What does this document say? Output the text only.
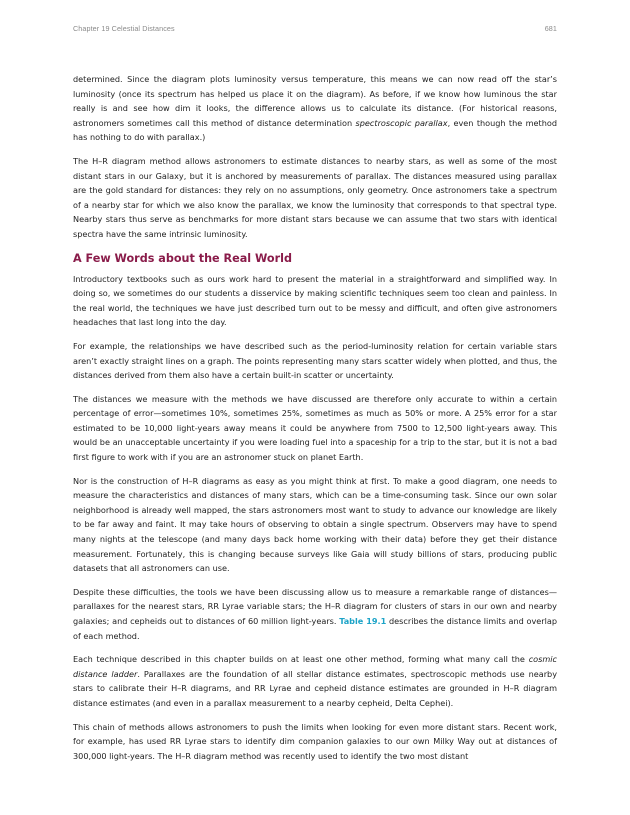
Chapter 19 Celestial Distances	681

determined. Since the diagram plots luminosity versus temperature, this means we can now read off the star’s luminosity (once its spectrum has helped us place it on the diagram). As before, if we know how luminous the star really is and see how dim it looks, the difference allows us to calculate its distance. (For historical reasons, astronomers sometimes call this method of distance determination spectroscopic parallax, even though the method has nothing to do with parallax.)

The H–R diagram method allows astronomers to estimate distances to nearby stars, as well as some of the most distant stars in our Galaxy, but it is anchored by measurements of parallax. The distances measured using parallax are the gold standard for distances: they rely on no assumptions, only geometry. Once astronomers take a spectrum of a nearby star for which we also know the parallax, we know the luminosity that corresponds to that spectral type. Nearby stars thus serve as benchmarks for more distant stars because we can assume that two stars with identical spectra have the same intrinsic luminosity.

A Few Words about the Real World

Introductory textbooks such as ours work hard to present the material in a straightforward and simplified way. In doing so, we sometimes do our students a disservice by making scientific techniques seem too clean and painless. In the real world, the techniques we have just described turn out to be messy and difficult, and often give astronomers headaches that last long into the day.

For example, the relationships we have described such as the period-luminosity relation for certain variable stars aren’t exactly straight lines on a graph. The points representing many stars scatter widely when plotted, and thus, the distances derived from them also have a certain built-in scatter or uncertainty.

The distances we measure with the methods we have discussed are therefore only accurate to within a certain percentage of error—sometimes 10%, sometimes 25%, sometimes as much as 50% or more. A 25% error for a star estimated to be 10,000 light-years away means it could be anywhere from 7500 to 12,500 light-years away. This would be an unacceptable uncertainty if you were loading fuel into a spaceship for a trip to the star, but it is not a bad first figure to work with if you are an astronomer stuck on planet Earth.

Nor is the construction of H–R diagrams as easy as you might think at first. To make a good diagram, one needs to measure the characteristics and distances of many stars, which can be a time-consuming task. Since our own solar neighborhood is already well mapped, the stars astronomers most want to study to advance our knowledge are likely to be far away and faint. It may take hours of observing to obtain a single spectrum. Observers may have to spend many nights at the telescope (and many days back home working with their data) before they get their distance measurement. Fortunately, this is changing because surveys like Gaia will study billions of stars, producing public datasets that all astronomers can use.

Despite these difficulties, the tools we have been discussing allow us to measure a remarkable range of distances—parallaxes for the nearest stars, RR Lyrae variable stars; the H–R diagram for clusters of stars in our own and nearby galaxies; and cepheids out to distances of 60 million light-years. Table 19.1 describes the distance limits and overlap of each method.

Each technique described in this chapter builds on at least one other method, forming what many call the cosmic distance ladder. Parallaxes are the foundation of all stellar distance estimates, spectroscopic methods use nearby stars to calibrate their H–R diagrams, and RR Lyrae and cepheid distance estimates are grounded in H–R diagram distance estimates (and even in a parallax measurement to a nearby cepheid, Delta Cephei).

This chain of methods allows astronomers to push the limits when looking for even more distant stars. Recent work, for example, has used RR Lyrae stars to identify dim companion galaxies to our own Milky Way out at distances of 300,000 light-years. The H–R diagram method was recently used to identify the two most distant
